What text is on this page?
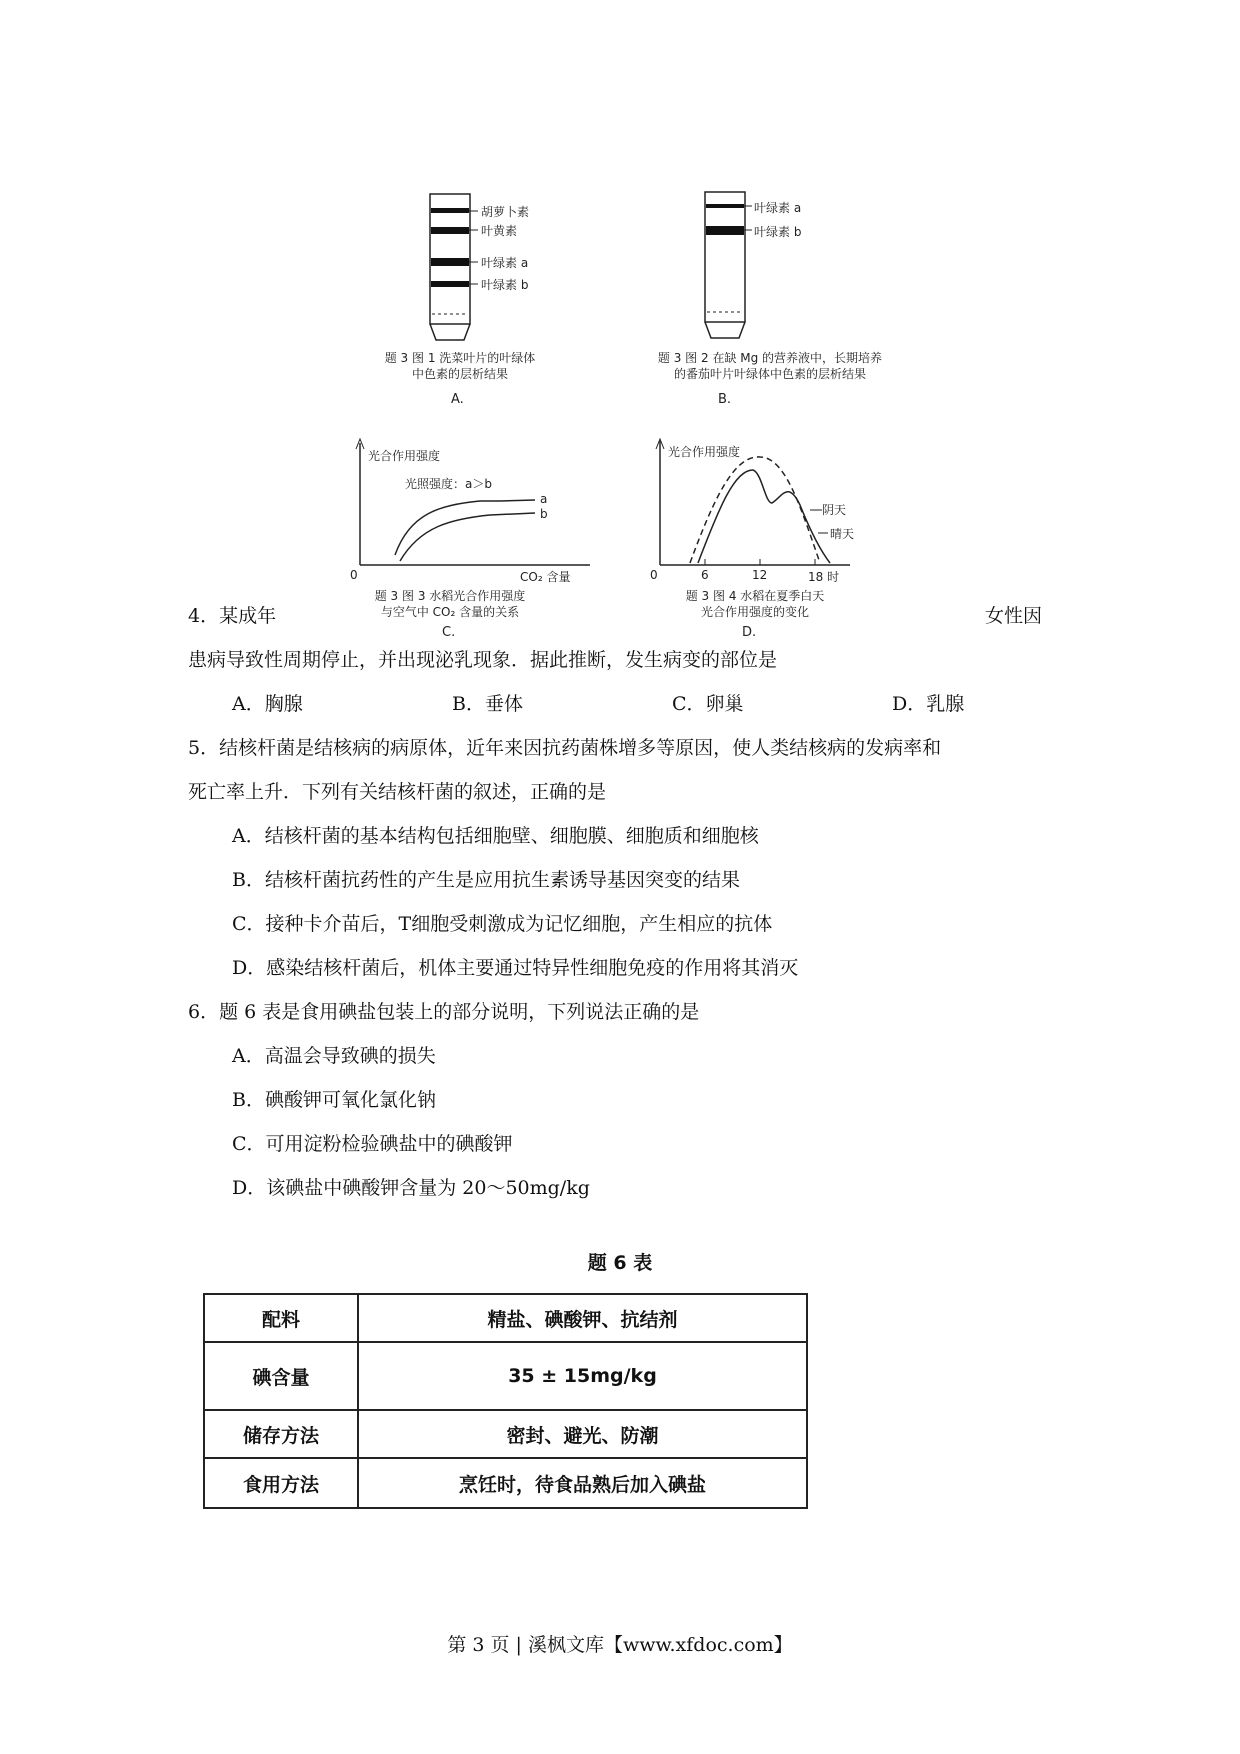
胡萝卜素
叶黄素
叶绿素 a
叶绿素 b
题 3 图 1 洗菜叶片的叶绿体
中色素的层析结果
A.
叶绿素 a
叶绿素 b
题 3 图 2 在缺 Mg 的营养液中，长期培养
的番茄叶片叶绿体中色素的层析结果
B.
光合作用强度
光照强度：a＞b
a
b
0	CO₂ 含量
题 3 图 3 水稻光合作用强度
与空气中 CO₂ 含量的关系
C.
光合作用强度
阴天
晴天
0	6	12	18 时
题 3 图 4 水稻在夏季白天
光合作用强度的变化
D.
4．某成年	女性因
患病导致性周期停止，并出现泌乳现象．据此推断，发生病变的部位是
A．胸腺	B．垂体	C．卵巢	D．乳腺
5．结核杆菌是结核病的病原体，近年来因抗药菌株增多等原因，使人类结核病的发病率和
死亡率上升．下列有关结核杆菌的叙述，正确的是
A．结核杆菌的基本结构包括细胞壁、细胞膜、细胞质和细胞核
B．结核杆菌抗药性的产生是应用抗生素诱导基因突变的结果
C．接种卡介苗后，T细胞受刺激成为记忆细胞，产生相应的抗体
D．感染结核杆菌后，机体主要通过特异性细胞免疫的作用将其消灭
6．题 6 表是食用碘盐包装上的部分说明，下列说法正确的是
A．高温会导致碘的损失
B．碘酸钾可氧化氯化钠
C．可用淀粉检验碘盐中的碘酸钾
D．该碘盐中碘酸钾含量为 20～50mg/kg
题 6 表
配料	精盐、碘酸钾、抗结剂
碘含量	35 ± 15mg/kg
储存方法	密封、避光、防潮
食用方法	烹饪时，待食品熟后加入碘盐
第 3 页 | 溪枫文库【www.xfdoc.com】
